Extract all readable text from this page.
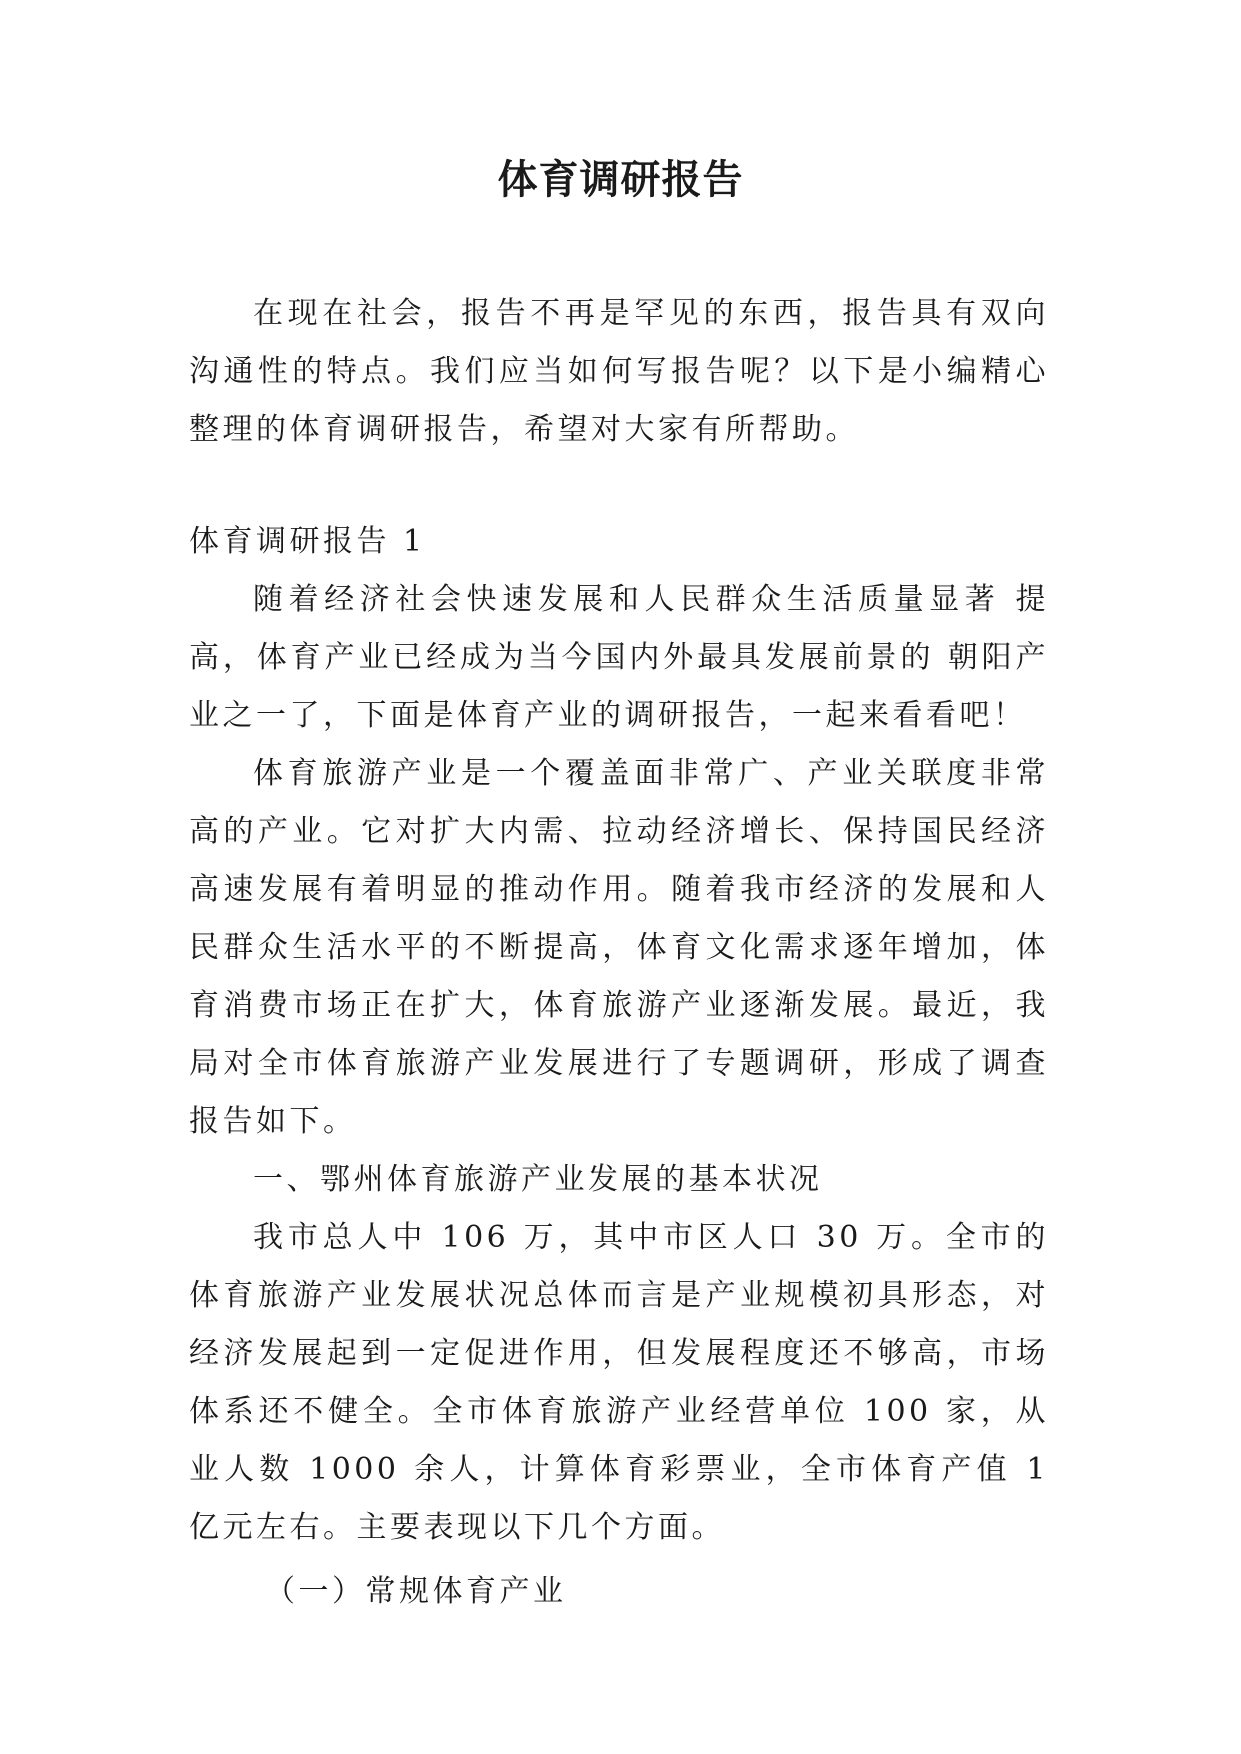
体育调研报告

在现在社会，报告不再是罕见的东西，报告具有双向沟通性的特点。我们应当如何写报告呢？以下是小编精心整理的体育调研报告，希望对大家有所帮助。

体育调研报告 1

随着经济社会快速发展和人民群众生活质量显著 提高，体育产业已经成为当今国内外最具发展前景的 朝阳产业之一了，下面是体育产业的调研报告，一起来看看吧！

体育旅游产业是一个覆盖面非常广、产业关联度非常高的产业。它对扩大内需、拉动经济增长、保持国民经济高速发展有着明显的推动作用。随着我市经济的发展和人民群众生活水平的不断提高，体育文化需求逐年增加，体育消费市场正在扩大，体育旅游产业逐渐发展。最近，我局对全市体育旅游产业发展进行了专题调研，形成了调查报告如下。

一、鄂州体育旅游产业发展的基本状况

我市总人中 106 万，其中市区人口 30 万。全市的体育旅游产业发展状况总体而言是产业规模初具形态，对经济发展起到一定促进作用，但发展程度还不够高，市场体系还不健全。全市体育旅游产业经营单位 100 家，从业人数 1000 余人，计算体育彩票业，全市体育产值 1 亿元左右。主要表现以下几个方面。

（一）常规体育产业
